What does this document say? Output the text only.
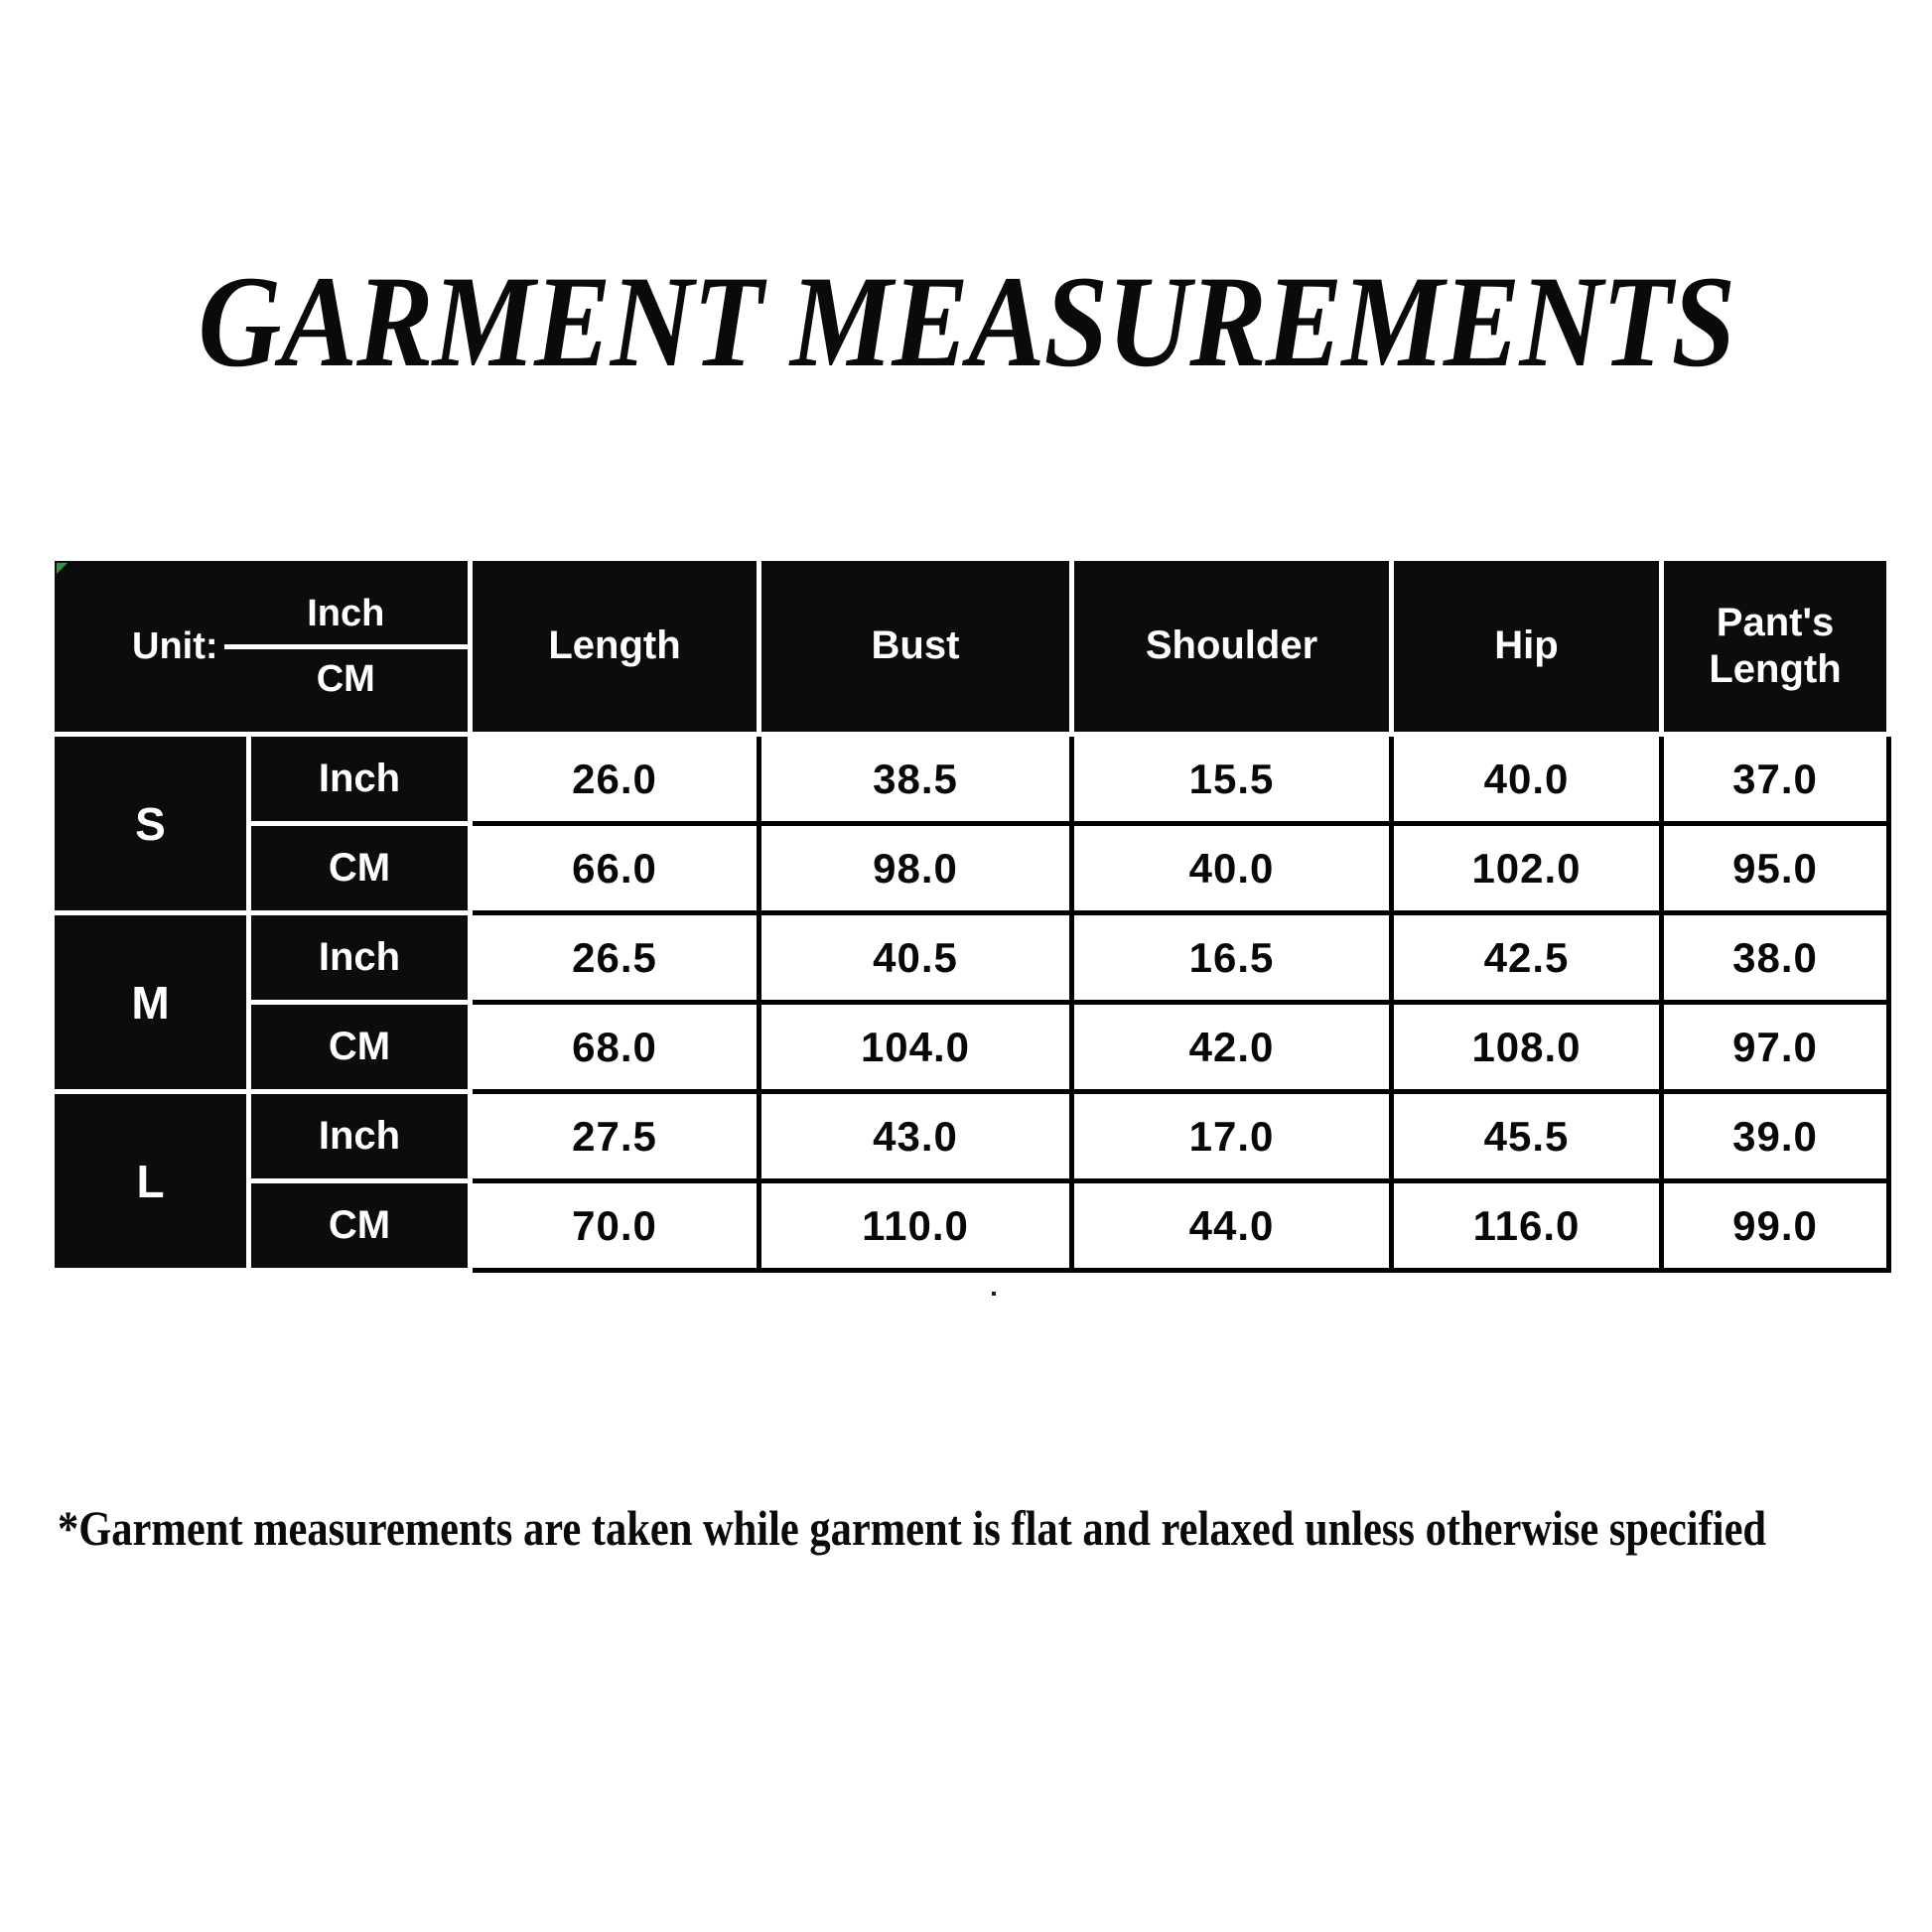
GARMENT MEASUREMENTS
Unit: $\frac{\text{Inch}}{CM}$		Length	Bust	Shoulder	Hip	Pant's Length
S	Inch	26.0	38.5	15.5	40.0	37.0
	CM	66.0	98.0	40.0	102.0	95.0
M	Inch	26.5	40.5	16.5	42.5	38.0
	CM	68.0	104.0	42.0	108.0	97.0
L	Inch	27.5	43.0	17.0	45.5	39.0
	CM	70.0	110.0	44.0	116.0	99.0
*Garment measurements are taken while garment is flat and relaxed unless otherwise specified
